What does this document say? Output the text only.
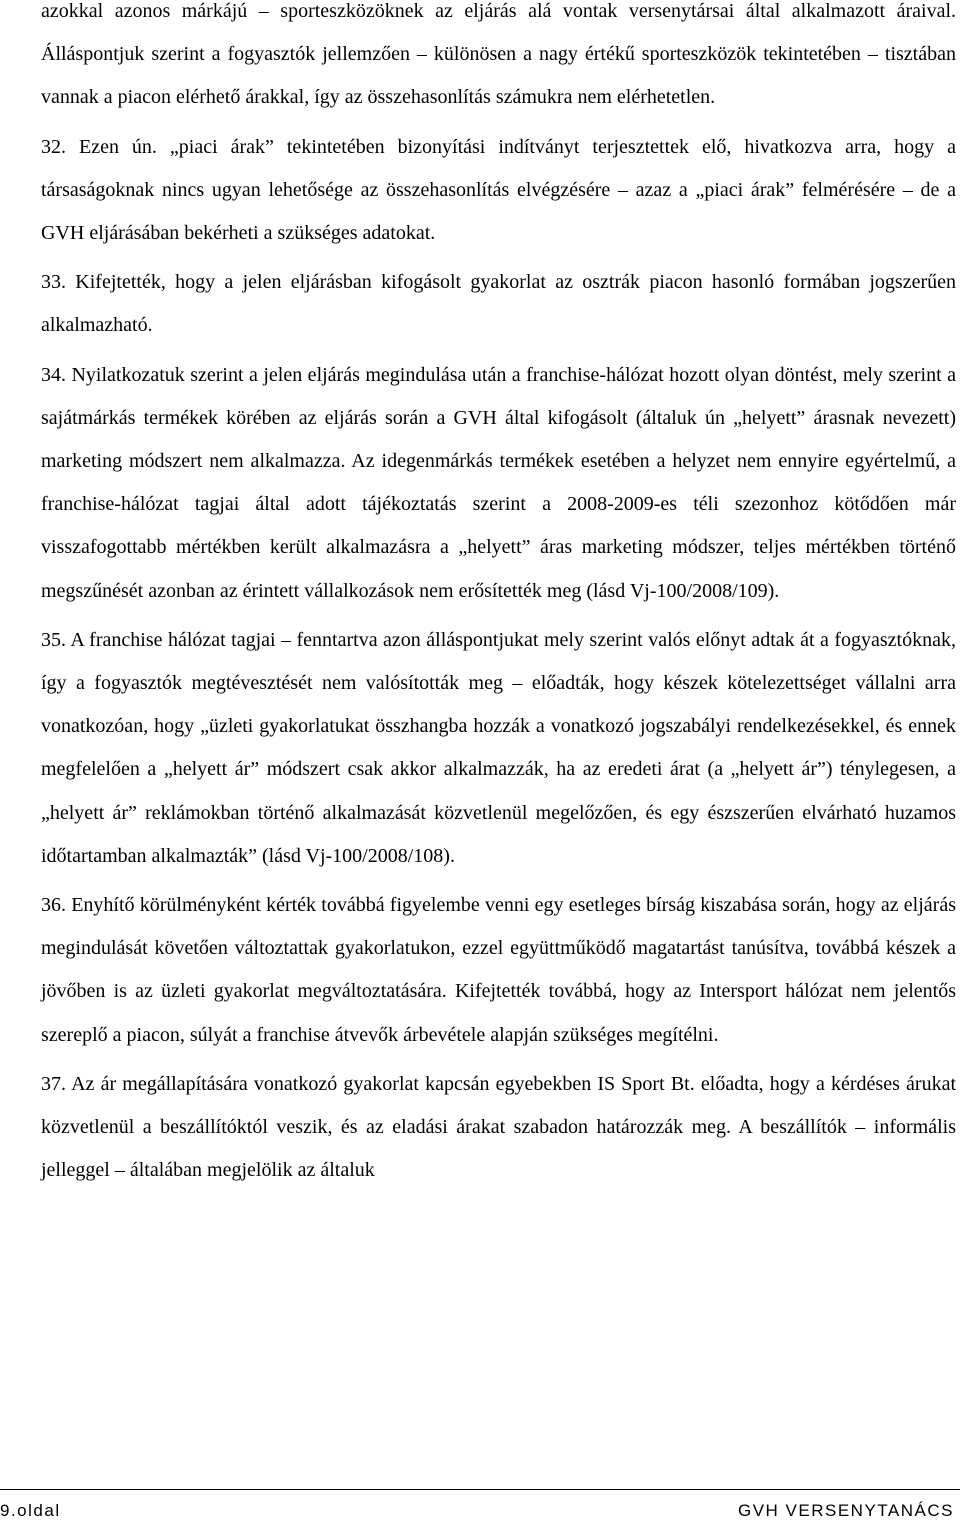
azokkal azonos márkájú – sporteszközöknek az eljárás alá vontak versenytársai által alkalmazott áraival. Álláspontjuk szerint a fogyasztók jellemzően – különösen a nagy értékű sporteszközök tekintetében – tisztában vannak a piacon elérhető árakkal, így az összehasonlítás számukra nem elérhetetlen.

32. Ezen ún. „piaci árak” tekintetében bizonyítási indítványt terjesztettek elő, hivatkozva arra, hogy a társaságoknak nincs ugyan lehetősége az összehasonlítás elvégzésére – azaz a „piaci árak” felmérésére – de a GVH eljárásában bekérheti a szükséges adatokat.

33. Kifejtették, hogy a jelen eljárásban kifogásolt gyakorlat az osztrák piacon hasonló formában jogszerűen alkalmazható.

34. Nyilatkozatuk szerint a jelen eljárás megindulása után a franchise-hálózat hozott olyan döntést, mely szerint a sajátmárkás termékek körében az eljárás során a GVH által kifogásolt (általuk ún „helyett” árasnak nevezett) marketing módszert nem alkalmazza. Az idegenmárkás termékek esetében a helyzet nem ennyire egyértelmű, a franchise-hálózat tagjai által adott tájékoztatás szerint a 2008-2009-es téli szezonhoz kötődően már visszafogottabb mértékben került alkalmazásra a „helyett” áras marketing módszer, teljes mértékben történő megszűnését azonban az érintett vállalkozások nem erősítették meg (lásd Vj-100/2008/109).

35. A franchise hálózat tagjai – fenntartva azon álláspontjukat mely szerint valós előnyt adtak át a fogyasztóknak, így a fogyasztók megtévesztését nem valósították meg – előadták, hogy készek kötelezettséget vállalni arra vonatkozóan, hogy „üzleti gyakorlatukat összhangba hozzák a vonatkozó jogszabályi rendelkezésekkel, és ennek megfelelően a „helyett ár” módszert csak akkor alkalmazzák, ha az eredeti árat (a „helyett ár”) ténylegesen, a „helyett ár” reklámokban történő alkalmazását közvetlenül megelőzően, és egy észszerűen elvárható huzamos időtartamban alkalmazták” (lásd Vj-100/2008/108).

36. Enyhítő körülményként kérték továbbá figyelembe venni egy esetleges bírság kiszabása során, hogy az eljárás megindulását követően változtattak gyakorlatukon, ezzel együttműködő magatartást tanúsítva, továbbá készek a jövőben is az üzleti gyakorlat megváltoztatására. Kifejtették továbbá, hogy az Intersport hálózat nem jelentős szereplő a piacon, súlyát a franchise átvevők árbevétele alapján szükséges megítélni.

37. Az ár megállapítására vonatkozó gyakorlat kapcsán egyebekben IS Sport Bt. előadta, hogy a kérdéses árukat közvetlenül a beszállítóktól veszik, és az eladási árakat szabadon határozzák meg. A beszállítók – informális jelleggel – általában megjelölik az általuk

9.oldal	GVH VERSENYTANÁCS
